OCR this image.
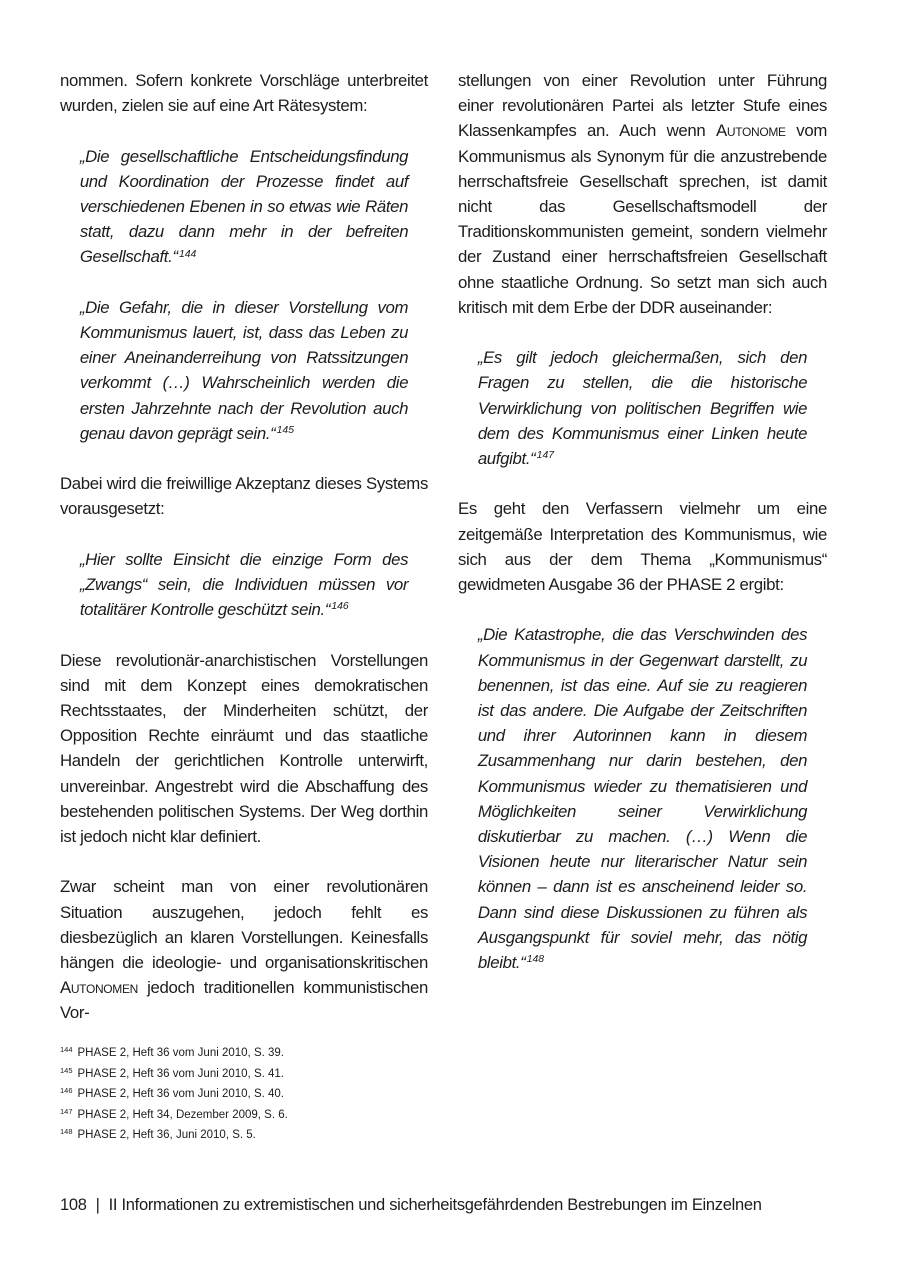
nommen. Sofern konkrete Vorschläge unterbreitet wurden, zielen sie auf eine Art Rätesystem:

„Die gesellschaftliche Entscheidungsfindung und Koordination der Prozesse findet auf verschiedenen Ebenen in so etwas wie Räten statt, dazu dann mehr in der befreiten Gesellschaft.“$^{144}$

„Die Gefahr, die in dieser Vorstellung vom Kommunismus lauert, ist, dass das Leben zu einer Aneinanderreihung von Ratssitzungen verkommt (…) Wahrscheinlich werden die ersten Jahrzehnte nach der Revolution auch genau davon geprägt sein.“$^{145}$

Dabei wird die freiwillige Akzeptanz dieses Systems vorausgesetzt:

„Hier sollte Einsicht die einzige Form des „Zwangs“ sein, die Individuen müssen vor totalitärer Kontrolle geschützt sein.“$^{146}$

Diese revolutionär-anarchistischen Vorstellungen sind mit dem Konzept eines demokratischen Rechtsstaates, der Minderheiten schützt, der Opposition Rechte einräumt und das staatliche Handeln der gerichtlichen Kontrolle unterwirft, unvereinbar. Angestrebt wird die Abschaffung des bestehenden politischen Systems. Der Weg dorthin ist jedoch nicht klar definiert.

Zwar scheint man von einer revolutionären Situation auszugehen, jedoch fehlt es diesbezüglich an klaren Vorstellungen. Keinesfalls hängen die ideologie- und organisationskritischen Autonomen jedoch traditionellen kommunistischen Vor-

stellungen von einer Revolution unter Führung einer revolutionären Partei als letzter Stufe eines Klassenkampfes an. Auch wenn Autonome vom Kommunismus als Synonym für die anzustrebende herrschaftsfreie Gesellschaft sprechen, ist damit nicht das Gesellschaftsmodell der Traditionskommunisten gemeint, sondern vielmehr der Zustand einer herrschaftsfreien Gesellschaft ohne staatliche Ordnung. So setzt man sich auch kritisch mit dem Erbe der DDR auseinander:

„Es gilt jedoch gleichermaßen, sich den Fragen zu stellen, die die historische Verwirklichung von politischen Begriffen wie dem des Kommunismus einer Linken heute aufgibt.“$^{147}$

Es geht den Verfassern vielmehr um eine zeitgemäße Interpretation des Kommunismus, wie sich aus der dem Thema „Kommunismus“ gewidmeten Ausgabe 36 der PHASE 2 ergibt:

„Die Katastrophe, die das Verschwinden des Kommunismus in der Gegenwart darstellt, zu benennen, ist das eine. Auf sie zu reagieren ist das andere. Die Aufgabe der Zeitschriften und ihrer Autorinnen kann in diesem Zusammenhang nur darin bestehen, den Kommunismus wieder zu thematisieren und Möglichkeiten seiner Verwirklichung diskutierbar zu machen. (…) Wenn die Visionen heute nur literarischer Natur sein können – dann ist es anscheinend leider so. Dann sind diese Diskussionen zu führen als Ausgangspunkt für soviel mehr, das nötig bleibt.“$^{148}$

$^{144}$ PHASE 2, Heft 36 vom Juni 2010, S. 39.
$^{145}$ PHASE 2, Heft 36 vom Juni 2010, S. 41.
$^{146}$ PHASE 2, Heft 36 vom Juni 2010, S. 40.
$^{147}$ PHASE 2, Heft 34, Dezember 2009, S. 6.
$^{148}$ PHASE 2, Heft 36, Juni 2010, S. 5.
108 | II Informationen zu extremistischen und sicherheitsgefährdenden Bestrebungen im Einzelnen
